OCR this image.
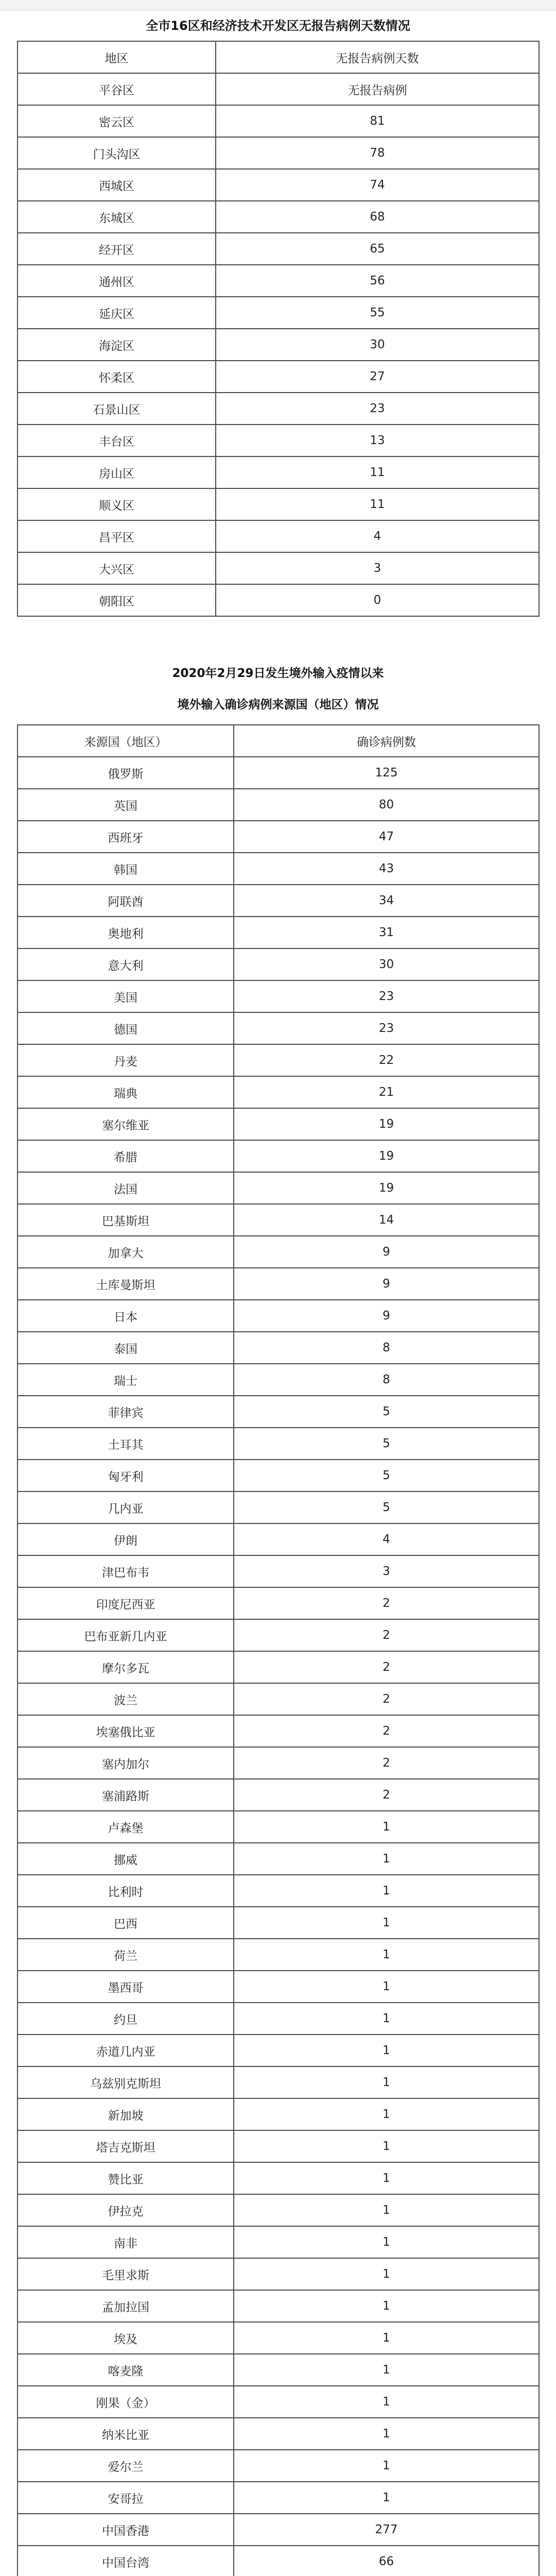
全市16区和经济技术开发区无报告病例天数情况
地区	无报告病例天数
平谷区	无报告病例
密云区	81
门头沟区	78
西城区	74
东城区	68
经开区	65
通州区	56
延庆区	55
海淀区	30
怀柔区	27
石景山区	23
丰台区	13
房山区	11
顺义区	11
昌平区	4
大兴区	3
朝阳区	0
2020年2月29日发生境外输入疫情以来
境外输入确诊病例来源国（地区）情况
来源国（地区）	确诊病例数
俄罗斯	125
英国	80
西班牙	47
韩国	43
阿联酋	34
奥地利	31
意大利	30
美国	23
德国	23
丹麦	22
瑞典	21
塞尔维亚	19
希腊	19
法国	19
巴基斯坦	14
加拿大	9
土库曼斯坦	9
日本	9
泰国	8
瑞士	8
菲律宾	5
土耳其	5
匈牙利	5
几内亚	5
伊朗	4
津巴布韦	3
印度尼西亚	2
巴布亚新几内亚	2
摩尔多瓦	2
波兰	2
埃塞俄比亚	2
塞内加尔	2
塞浦路斯	2
卢森堡	1
挪威	1
比利时	1
巴西	1
荷兰	1
墨西哥	1
约旦	1
赤道几内亚	1
乌兹别克斯坦	1
新加坡	1
塔吉克斯坦	1
赞比亚	1
伊拉克	1
南非	1
毛里求斯	1
孟加拉国	1
埃及	1
喀麦隆	1
刚果（金）	1
纳米比亚	1
爱尔兰	1
安哥拉	1
中国香港	277
中国台湾	66
